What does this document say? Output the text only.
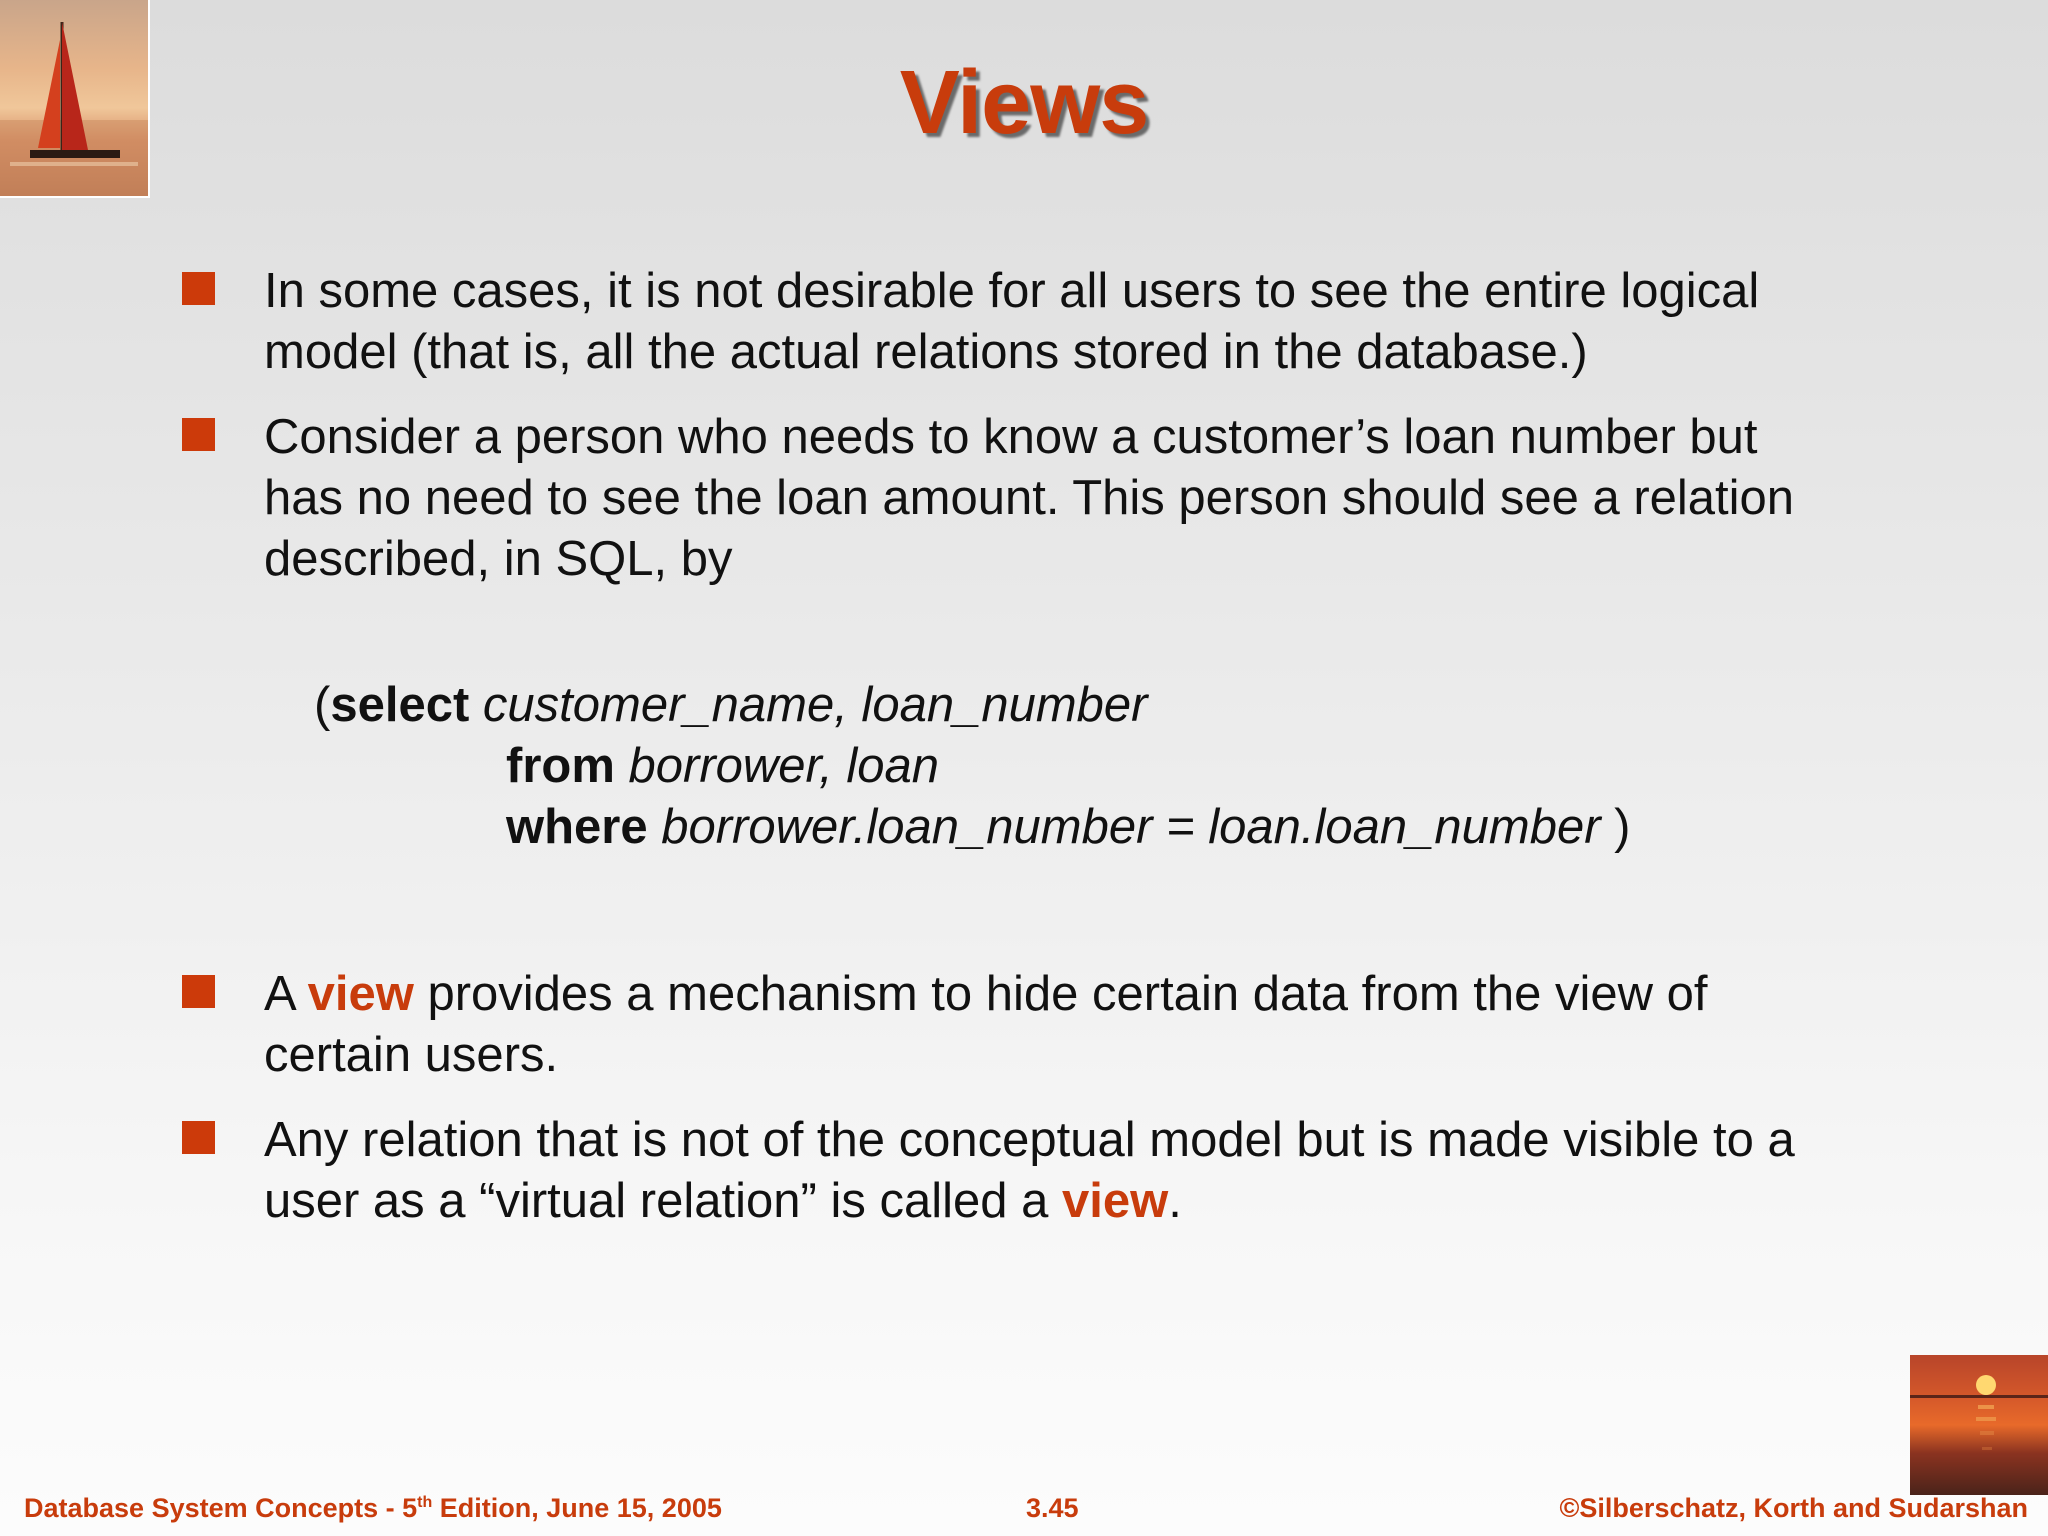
Views
In some cases, it is not desirable for all users to see the entire logical
model (that is, all the actual relations stored in the database.)
Consider a person who needs to know a customer’s loan number but
has no need to see the loan amount. This person should see a relation
described, in SQL, by
(select customer_name, loan_number
from borrower, loan
where borrower.loan_number = loan.loan_number )
A view provides a mechanism to hide certain data from the view of
certain users.
Any relation that is not of the conceptual model but is made visible to a
user as a “virtual relation” is called a view.
Database System Concepts - 5th Edition, June 15, 2005	3.45	©Silberschatz, Korth and Sudarshan
